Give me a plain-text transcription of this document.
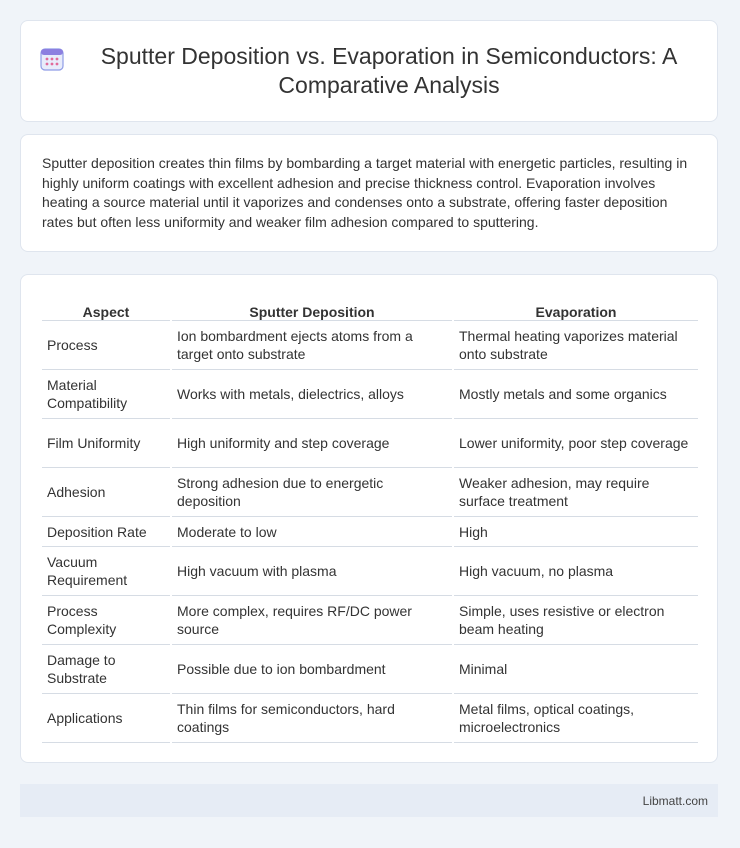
Sputter Deposition vs. Evaporation in Semiconductors: A Comparative Analysis

Sputter deposition creates thin films by bombarding a target material with energetic particles, resulting in highly uniform coatings with excellent adhesion and precise thickness control. Evaporation involves heating a source material until it vaporizes and condenses onto a substrate, offering faster deposition rates but often less uniformity and weaker film adhesion compared to sputtering.

Aspect	Sputter Deposition	Evaporation
Process	Ion bombardment ejects atoms from a target onto substrate	Thermal heating vaporizes material onto substrate
Material Compatibility	Works with metals, dielectrics, alloys	Mostly metals and some organics
Film Uniformity	High uniformity and step coverage	Lower uniformity, poor step coverage
Adhesion	Strong adhesion due to energetic deposition	Weaker adhesion, may require surface treatment
Deposition Rate	Moderate to low	High
Vacuum Requirement	High vacuum with plasma	High vacuum, no plasma
Process Complexity	More complex, requires RF/DC power source	Simple, uses resistive or electron beam heating
Damage to Substrate	Possible due to ion bombardment	Minimal
Applications	Thin films for semiconductors, hard coatings	Metal films, optical coatings, microelectronics
Libmatt.com
